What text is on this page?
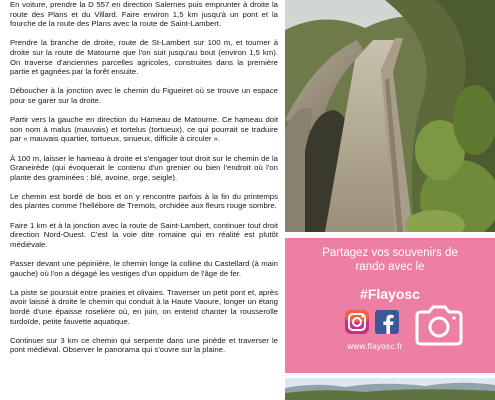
En voiture, prendre la D 557 en direction Salernes puis emprunter à droite la route des Plans et du Villard. Faire environ 1,5 km jusqu'à un pont et la fourche de la route des Plans avec la route de Saint-Lambert.

Prendre la branche de droite, route de St-Lambert sur 100 m, et tourner à droite sur la route de Matourne que l'on suit jusqu'au bout (environ 1,5 km). On traverse d'anciennes parcelles agricoles, construites dans la première partie et gagnées par la forêt ensuite.

Déboucher à la jonction avec le chemin du Figueiret où se trouve un espace pour se garer sur la droite.

Partir vers la gauche en direction du Hameau de Matourne. Ce hameau doit son nom à malus (mauvais) et tortelus (tortueux), ce qui pourrait se traduire par « mauvais quartier, tortueux, sinueux, difficile à circuler ».

À 100 m, laisser le hameau à droite et s'engager tout droit sur le chemin de la Graneirède (qui évoquerait le contenu d'un grenier ou bien l'endroit où l'on plante des graminées : blé, avoine, orge, seigle).

Le chemin est bordé de bois et on y rencontre parfois à la fin du printemps des plantes comme l'hellébore de Tremols, orchidée aux fleurs rouge sombre.

Faire 1 km et à la jonction avec la route de Saint-Lambert, continuer tout droit direction Nord-Ouest. C'est la voie dite romaine qui en réalité est plutôt médiévale.

Passer devant une pépinière, le chemin longe la colline du Castellard (à main gauche) où l'on a dégagé les vestiges d'un oppidum de l'âge de fer.

La piste se poursuit entre prairies et olivaies. Traverser un petit pont et, après avoir laissé à droite le chemin qui conduit à la Haute Vaoure, longer un étang bordé d'une épaisse roselière où, en juin, on entend chanter la rousserolle turdoïde, petite fauvette aquatique.

Continuer sur 3 km ce chemin qui serpente dans une pinède et traverser le pont médiéval. Observer le panorama qui s'ouvre sur la plaine.

Partagez vos souvenirs de
rando avec le
#Flayosc
www.flayosc.fr
